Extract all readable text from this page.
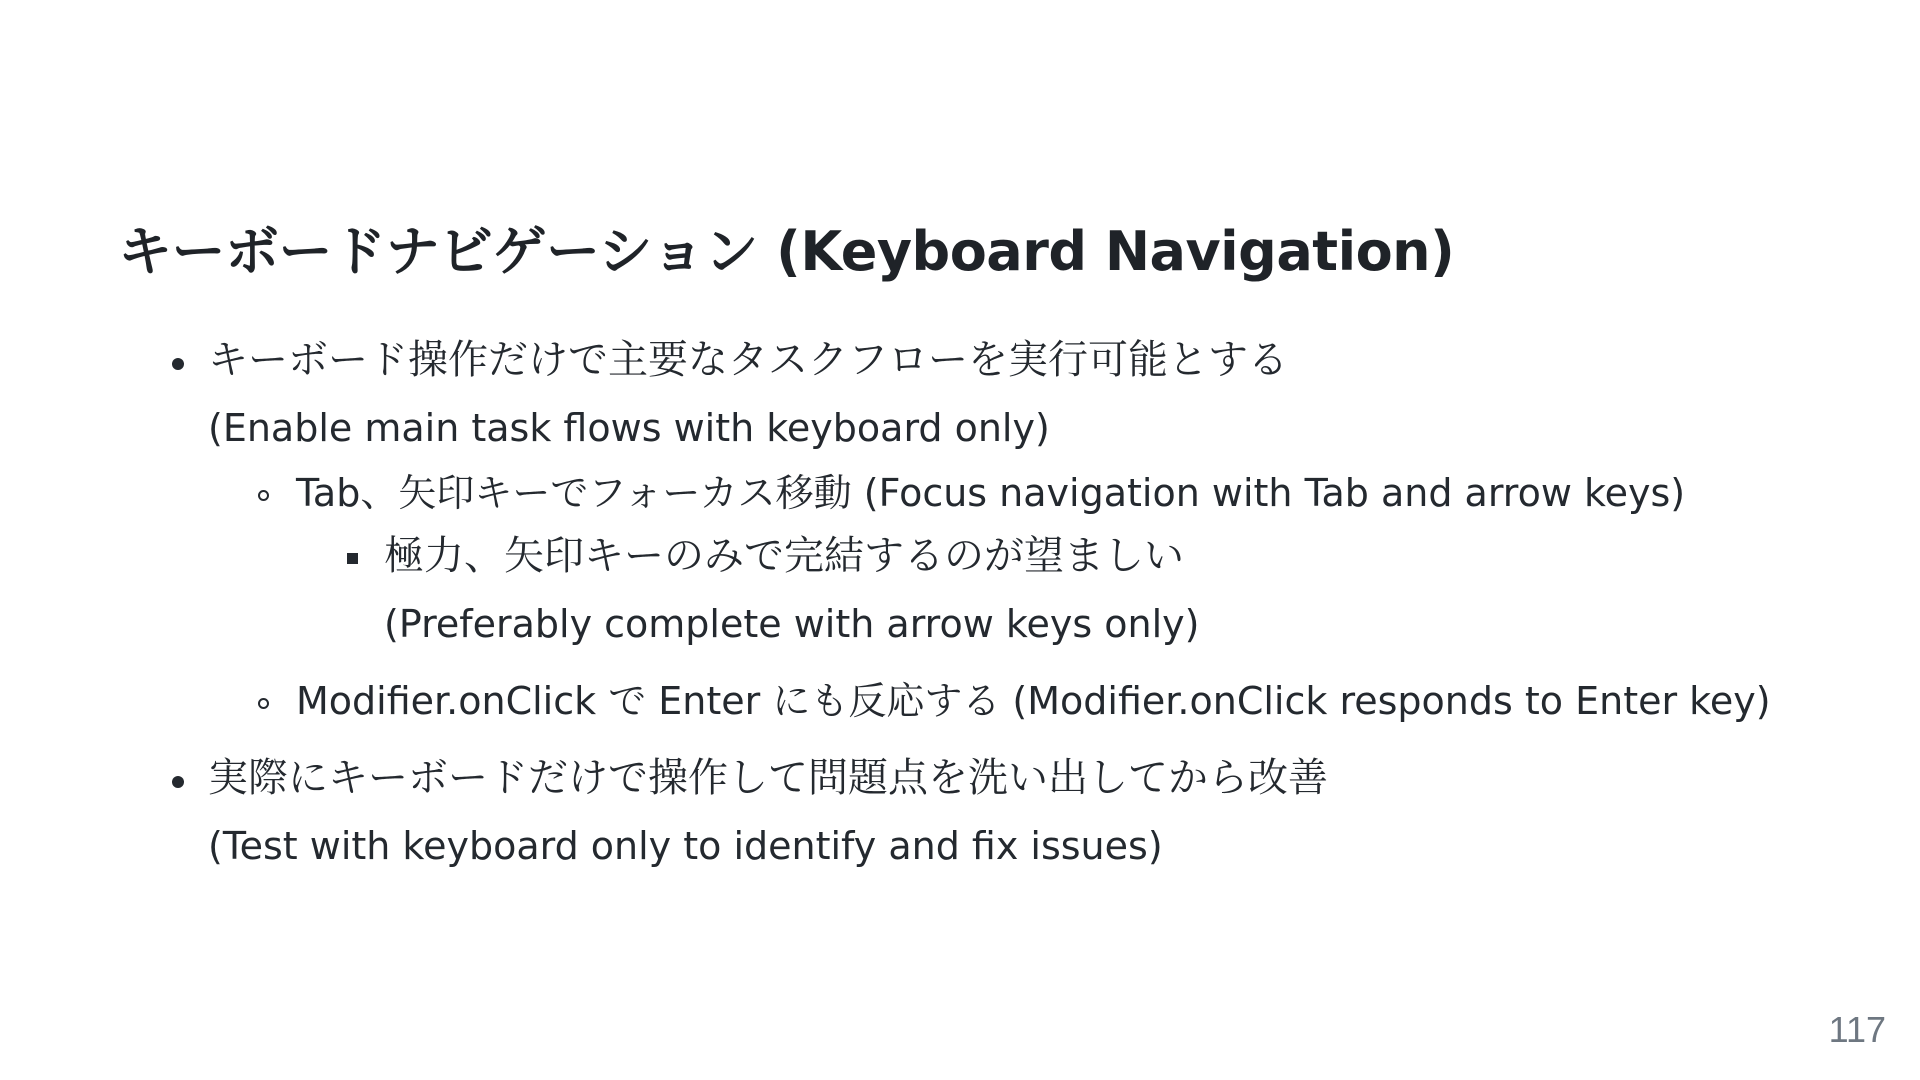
キーボードナビゲーション (Keyboard Navigation)
キーボード操作だけで主要なタスクフローを実行可能とする
(Enable main task flows with keyboard only)
Tab、矢印キーでフォーカス移動 (Focus navigation with Tab and arrow keys)
極力、矢印キーのみで完結するのが望ましい
(Preferably complete with arrow keys only)
Modifier.onClick で Enter にも反応する (Modifier.onClick responds to Enter key)
実際にキーボードだけで操作して問題点を洗い出してから改善
(Test with keyboard only to identify and fix issues)
117
